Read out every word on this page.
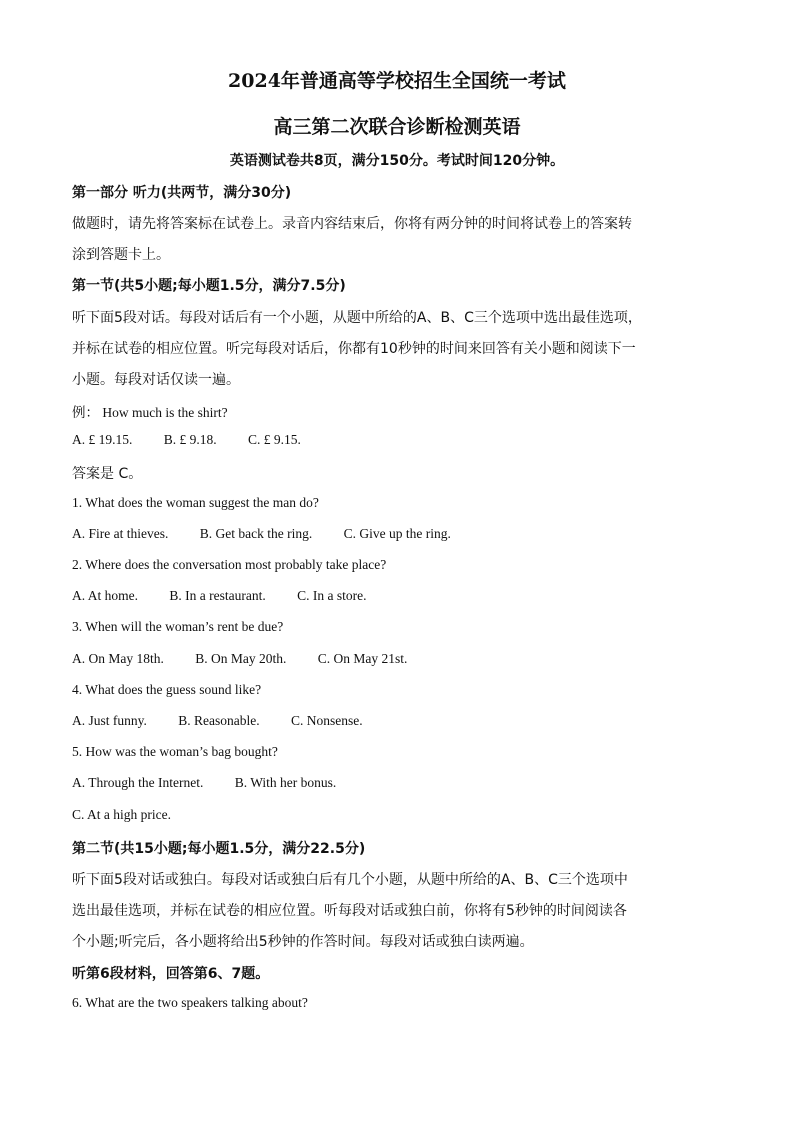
2024年普通高等学校招生全国统一考试
高三第二次联合诊断检测英语
英语测试卷共8页，满分150分。考试时间120分钟。
第一部分 听力(共两节，满分30分)
做题时，请先将答案标在试卷上。录音内容结束后，你将有两分钟的时间将试卷上的答案转
涂到答题卡上。
第一节(共5小题;每小题1.5分，满分7.5分)
听下面5段对话。每段对话后有一个小题，从题中所给的A、B、C三个选项中选出最佳选项，
并标在试卷的相应位置。听完每段对话后，你都有10秒钟的时间来回答有关小题和阅读下一
小题。每段对话仅读一遍。
例： How much is the shirt?
A. £ 19.15. B. £ 9.18. C. £ 9.15.
答案是 C。
1. What does the woman suggest the man do?
A. Fire at thieves. B. Get back the ring. C. Give up the ring.
2. Where does the conversation most probably take place?
A. At home. B. In a restaurant. C. In a store.
3. When will the woman’s rent be due?
A. On May 18th. B. On May 20th. C. On May 21st.
4. What does the guess sound like?
A. Just funny. B. Reasonable. C. Nonsense.
5. How was the woman’s bag bought?
A. Through the Internet. B. With her bonus.
C. At a high price.
第二节(共15小题;每小题1.5分，满分22.5分)
听下面5段对话或独白。每段对话或独白后有几个小题，从题中所给的A、B、C三个选项中
选出最佳选项，并标在试卷的相应位置。听每段对话或独白前，你将有5秒钟的时间阅读各
个小题;听完后，各小题将给出5秒钟的作答时间。每段对话或独白读两遍。
听第6段材料，回答第6、7题。
6. What are the two speakers talking about?
